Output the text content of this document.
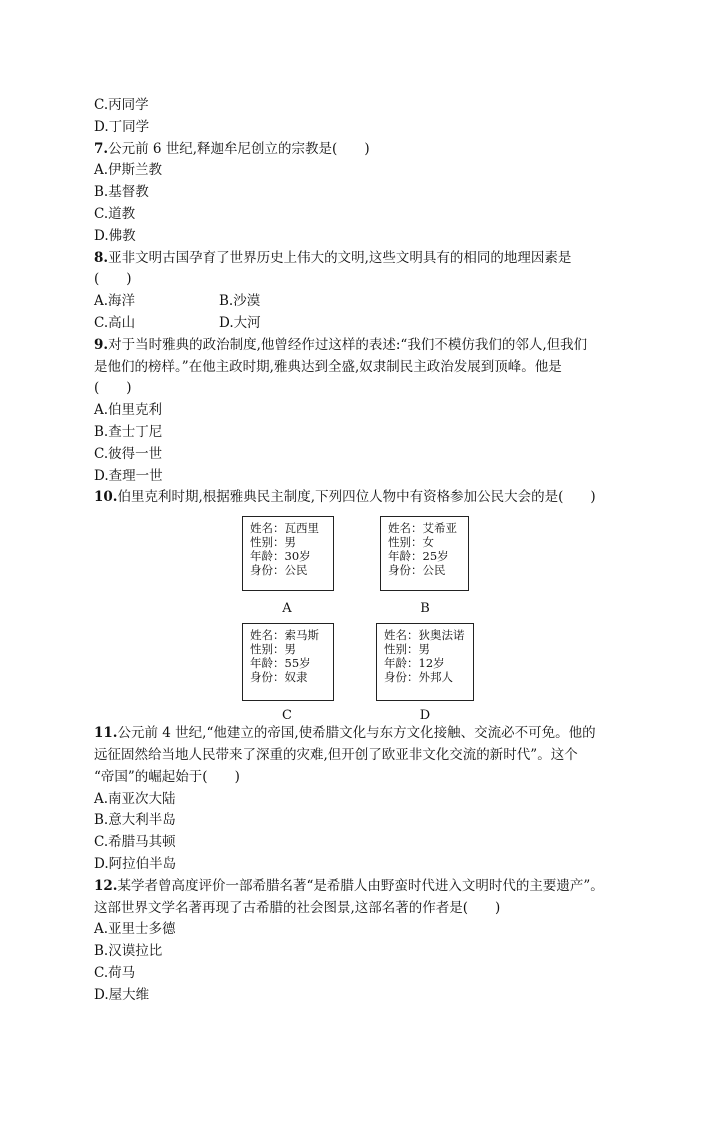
C.丙同学
D.丁同学
7.公元前 6 世纪,释迦牟尼创立的宗教是(　　)
A.伊斯兰教
B.基督教
C.道教
D.佛教
8.亚非文明古国孕育了世界历史上伟大的文明,这些文明具有的相同的地理因素是
(　　)
A.海洋	B.沙漠
C.高山	D.大河
9.对于当时雅典的政治制度,他曾经作过这样的表述:“我们不模仿我们的邻人,但我们
是他们的榜样。”在他主政时期,雅典达到全盛,奴隶制民主政治发展到顶峰。他是
(　　)
A.伯里克利
B.查士丁尼
C.彼得一世
D.查理一世
10.伯里克利时期,根据雅典民主制度,下列四位人物中有资格参加公民大会的是(　　)
姓名：瓦西里
性别：男
年龄：30岁
身份：公民
A
姓名：艾希亚
性别：女
年龄：25岁
身份：公民
B
姓名：索马斯
性别：男
年龄：55岁
身份：奴隶
C
姓名：狄奥法诺
性别：男
年龄：12岁
身份：外邦人
D
11.公元前 4 世纪,“他建立的帝国,使希腊文化与东方文化接触、交流必不可免。他的
远征固然给当地人民带来了深重的灾难,但开创了欧亚非文化交流的新时代”。这个
“帝国”的崛起始于(　　)
A.南亚次大陆
B.意大利半岛
C.希腊马其顿
D.阿拉伯半岛
12.某学者曾高度评价一部希腊名著“是希腊人由野蛮时代进入文明时代的主要遗产”。
这部世界文学名著再现了古希腊的社会图景,这部名著的作者是(　　)
A.亚里士多德
B.汉谟拉比
C.荷马
D.屋大维
